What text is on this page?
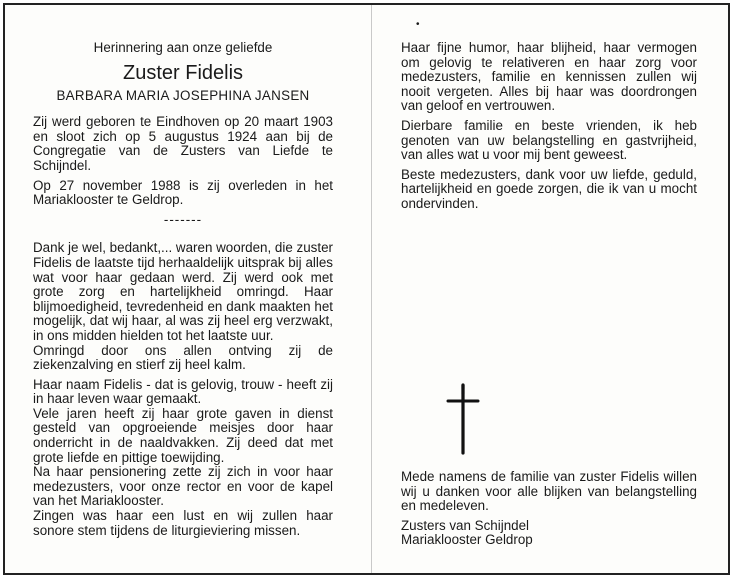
•
Herinnering aan onze geliefde
Zuster Fidelis
BARBARA MARIA JOSEPHINA JANSEN

Zij werd geboren te Eindhoven op 20 maart 1903 en sloot zich op 5 augustus 1924 aan bij de Congregatie van de Zusters van Liefde te Schijndel.

Op 27 november 1988 is zij overleden in het Mariaklooster te Geldrop.

-------

Dank je wel, bedankt,... waren woorden, die zuster Fidelis de laatste tijd herhaaldelijk uitsprak bij alles wat voor haar gedaan werd. Zij werd ook met grote zorg en hartelijkheid omringd. Haar blijmoedigheid, tevredenheid en dank maakten het mogelijk, dat wij haar, al was zij heel erg verzwakt, in ons midden hielden tot het laatste uur.

Omringd door ons allen ontving zij de ziekenzalving en stierf zij heel kalm.

Haar naam Fidelis - dat is gelovig, trouw - heeft zij in haar leven waar gemaakt.

Vele jaren heeft zij haar grote gaven in dienst gesteld van opgroeiende meisjes door haar onderricht in de naaldvakken. Zij deed dat met grote liefde en pittige toewijding.

Na haar pensionering zette zij zich in voor haar medezusters, voor onze rector en voor de kapel van het Mariaklooster.

Zingen was haar een lust en wij zullen haar sonore stem tijdens de liturgieviering missen.

Haar fijne humor, haar blijheid, haar vermogen om gelovig te relativeren en haar zorg voor medezusters, familie en kennissen zullen wij nooit vergeten. Alles bij haar was doordrongen van geloof en vertrouwen.

Dierbare familie en beste vrienden, ik heb genoten van uw belangstelling en gastvrijheid, van alles wat u voor mij bent geweest.

Beste medezusters, dank voor uw liefde, geduld, hartelijkheid en goede zorgen, die ik van u mocht ondervinden.

Mede namens de familie van zuster Fidelis willen wij u danken voor alle blijken van belangstelling en medeleven.

Zusters van Schijndel

Mariaklooster Geldrop
